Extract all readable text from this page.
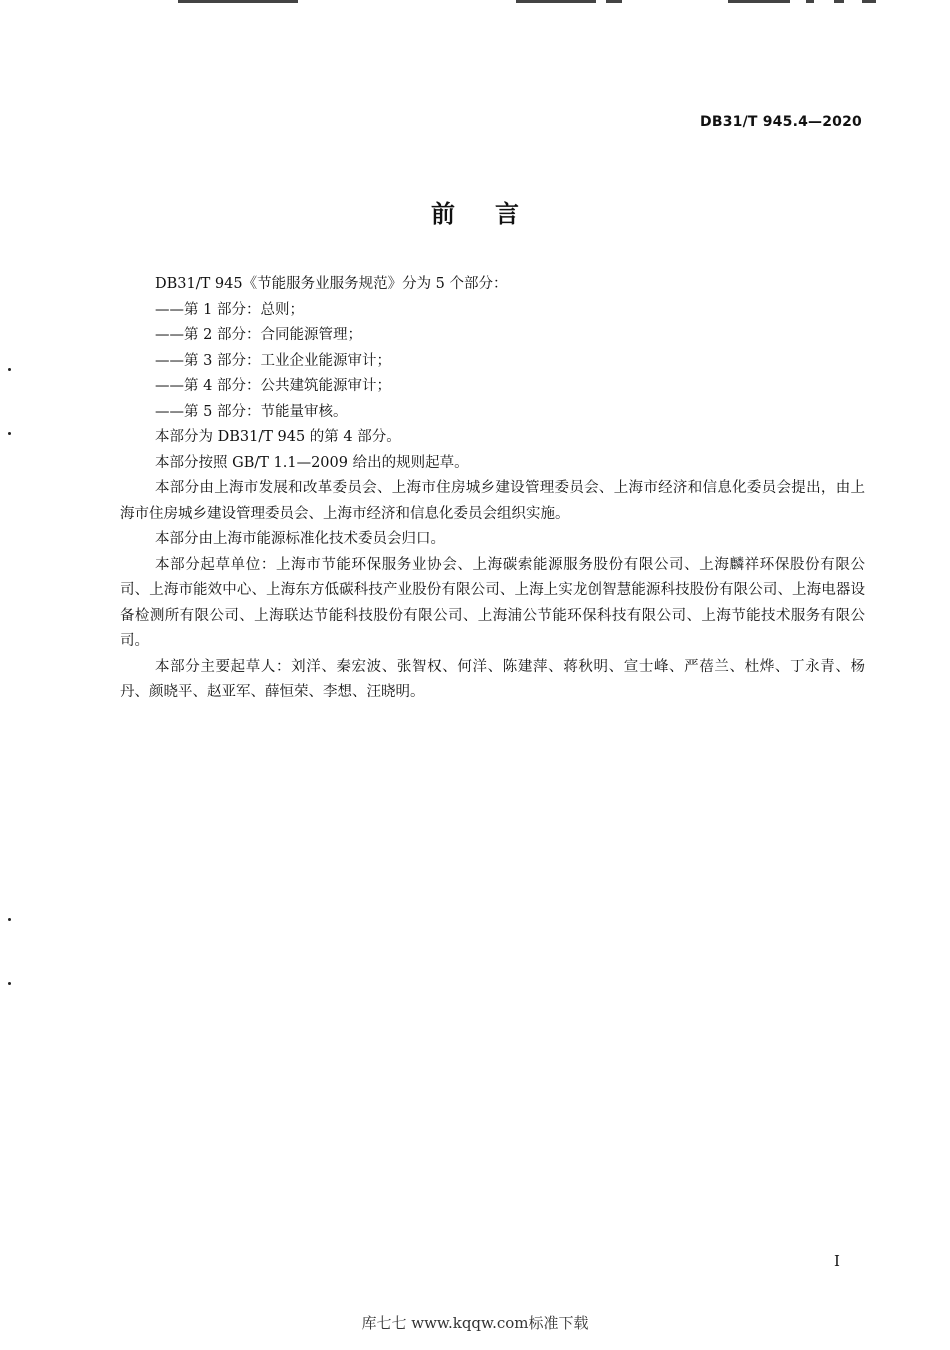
DB31/T 945.4—2020
前言

DB31/T 945《节能服务业服务规范》分为 5 个部分：

——第 1 部分：总则；

——第 2 部分：合同能源管理；

——第 3 部分：工业企业能源审计；

——第 4 部分：公共建筑能源审计；

——第 5 部分：节能量审核。

本部分为 DB31/T 945 的第 4 部分。

本部分按照 GB/T 1.1—2009 给出的规则起草。

本部分由上海市发展和改革委员会、上海市住房城乡建设管理委员会、上海市经济和信息化委员会提出，由上海市住房城乡建设管理委员会、上海市经济和信息化委员会组织实施。

本部分由上海市能源标准化技术委员会归口。

本部分起草单位：上海市节能环保服务业协会、上海碳索能源服务股份有限公司、上海麟祥环保股份有限公司、上海市能效中心、上海东方低碳科技产业股份有限公司、上海上实龙创智慧能源科技股份有限公司、上海电器设备检测所有限公司、上海联达节能科技股份有限公司、上海浦公节能环保科技有限公司、上海节能技术服务有限公司。

本部分主要起草人：刘洋、秦宏波、张智权、何洋、陈建萍、蒋秋明、宣士峰、严蓓兰、杜烨、丁永青、杨丹、颜晓平、赵亚军、薛恒荣、李想、汪晓明。

I
库七七 www.kqqw.com标准下载
